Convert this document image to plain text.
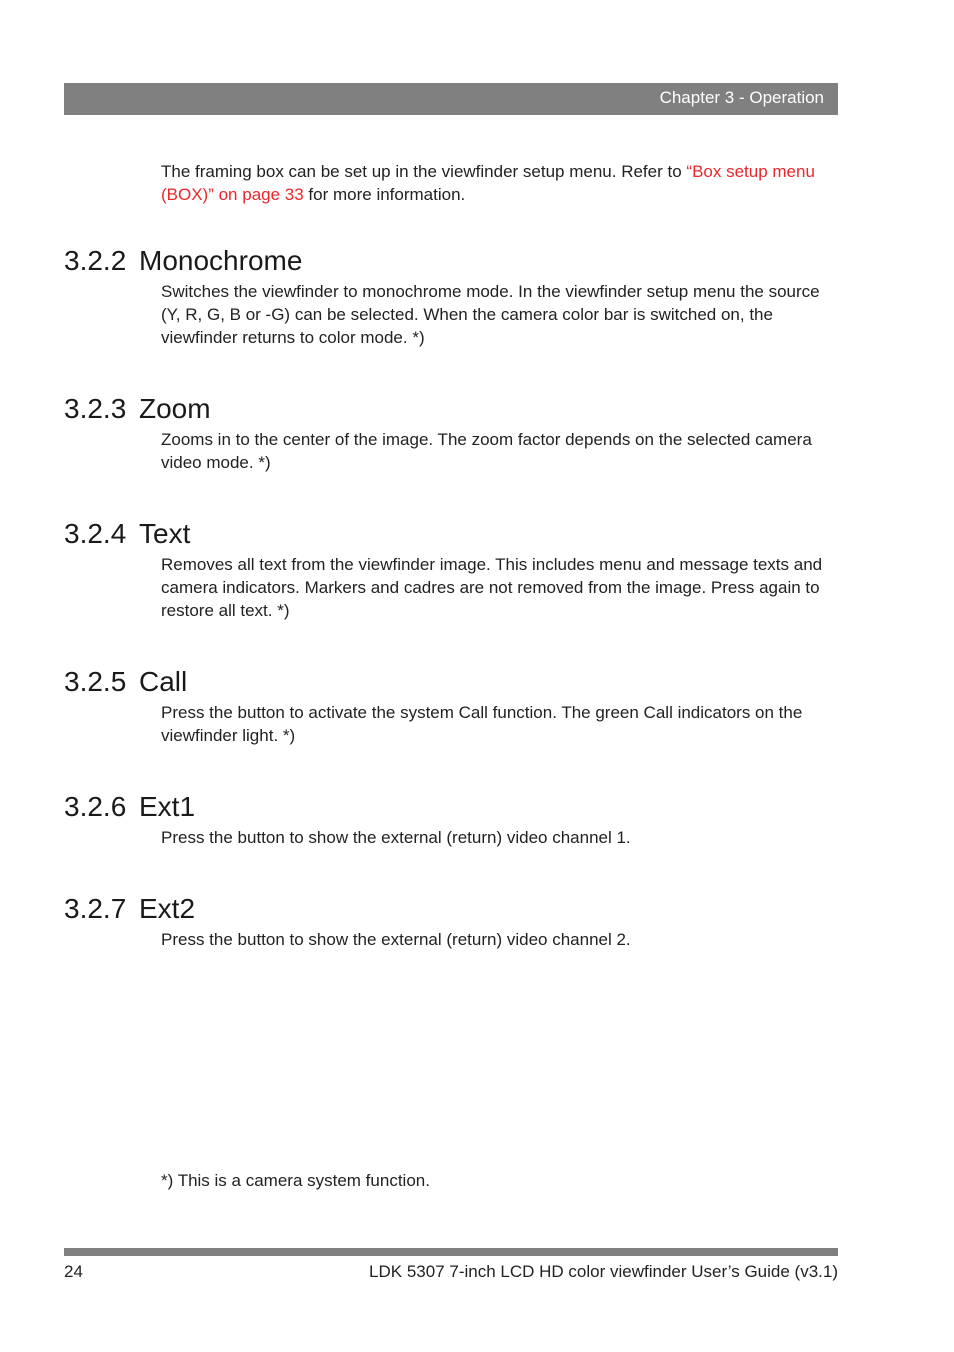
Chapter 3 - Operation
The framing box can be set up in the viewfinder setup menu. Refer to “Box setup menu (BOX)” on page 33 for more information.
3.2.2 Monochrome

Switches the viewfinder to monochrome mode. In the viewfinder setup menu the source (Y, R, G, B or -G) can be selected. When the camera color bar is switched on, the viewfinder returns to color mode. *)

3.2.3 Zoom

Zooms in to the center of the image. The zoom factor depends on the selected camera video mode. *)

3.2.4 Text

Removes all text from the viewfinder image. This includes menu and message texts and camera indicators. Markers and cadres are not removed from the image. Press again to restore all text. *)

3.2.5 Call

Press the button to activate the system Call function. The green Call indicators on the viewfinder light. *)

3.2.6 Ext1

Press the button to show the external (return) video channel 1.

3.2.7 Ext2

Press the button to show the external (return) video channel 2.

*) This is a camera system function.
24	LDK 5307 7-inch LCD HD color viewfinder User’s Guide (v3.1)
